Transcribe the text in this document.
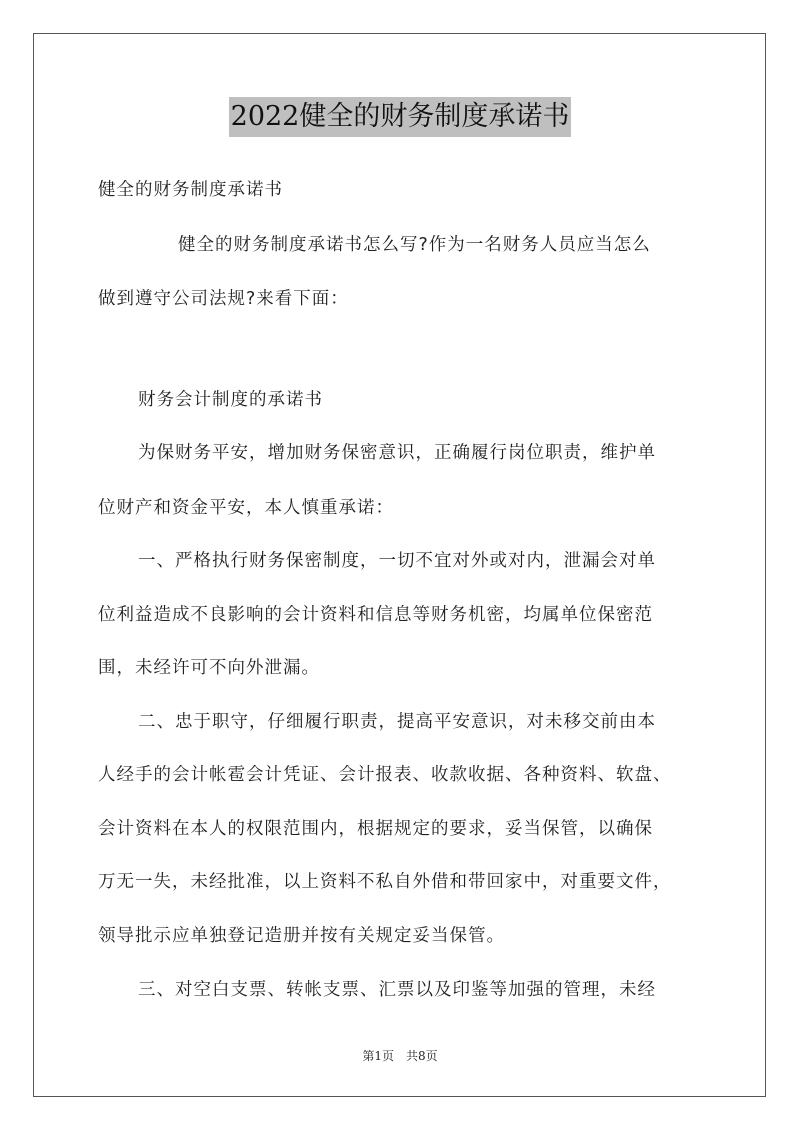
2022健全的财务制度承诺书
健全的财务制度承诺书
健全的财务制度承诺书怎么写?作为一名财务人员应当怎么
做到遵守公司法规?来看下面：
财务会计制度的承诺书
为保财务平安，增加财务保密意识，正确履行岗位职责，维护单
位财产和资金平安，本人慎重承诺：
一、严格执行财务保密制度，一切不宜对外或对内，泄漏会对单
位利益造成不良影响的会计资料和信息等财务机密，均属单位保密范
围，未经许可不向外泄漏。
二、忠于职守，仔细履行职责，提高平安意识，对未移交前由本
人经手的会计帐雹会计凭证、会计报表、收款收据、各种资料、软盘、
会计资料在本人的权限范围内，根据规定的要求，妥当保管，以确保
万无一失，未经批准，以上资料不私自外借和带回家中，对重要文件，
领导批示应单独登记造册并按有关规定妥当保管。
三、对空白支票、转帐支票、汇票以及印鉴等加强的管理，未经
第1页　共8页
